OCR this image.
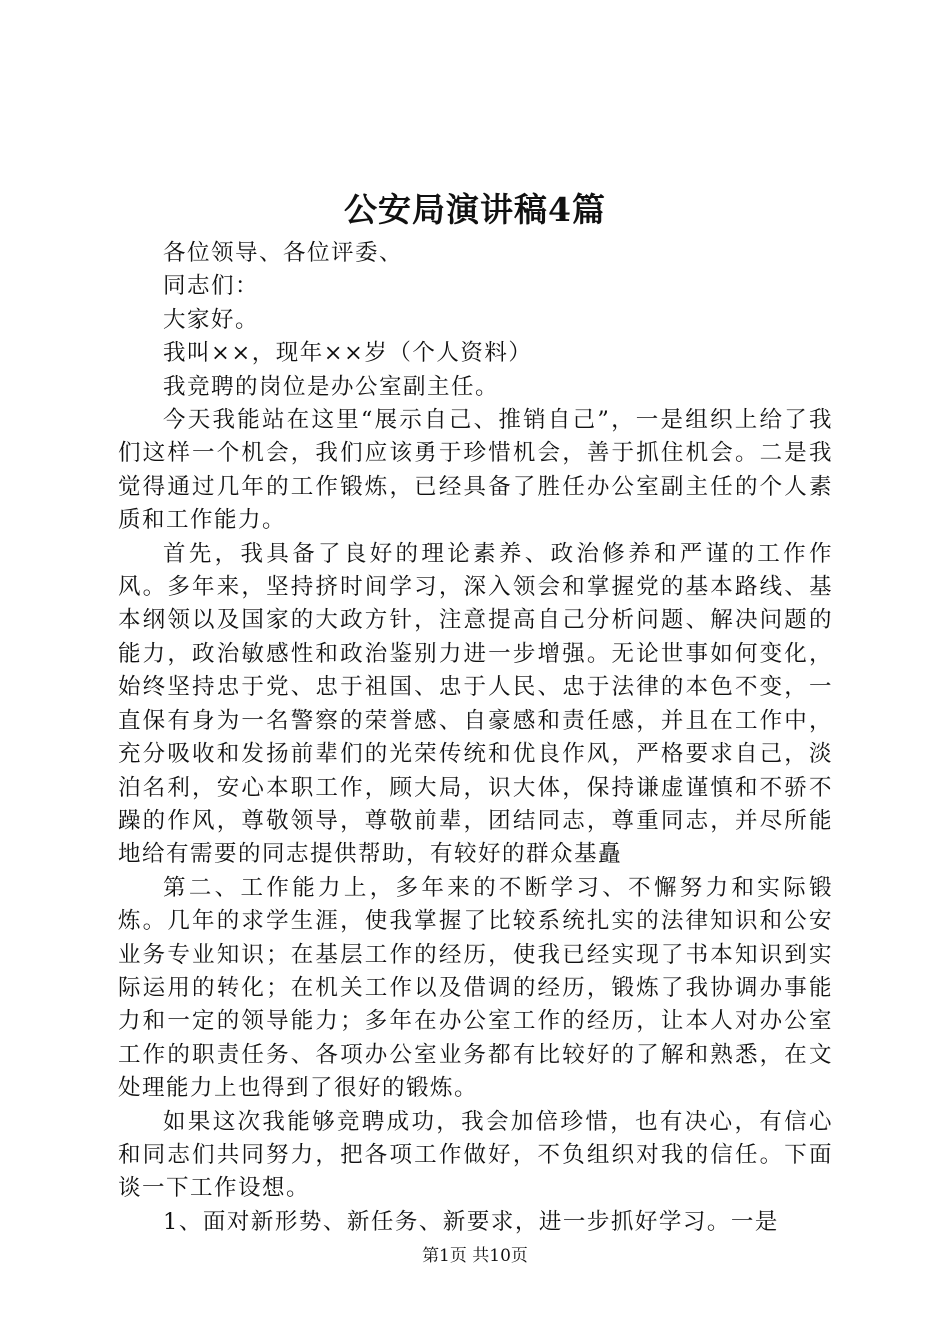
公安局演讲稿4篇

各位领导、各位评委、

同志们：

大家好。

我叫××，现年××岁（个人资料）

我竞聘的岗位是办公室副主任。

今天我能站在这里“展示自己、推销自己”，一是组织上给了我们这样一个机会，我们应该勇于珍惜机会，善于抓住机会。二是我觉得通过几年的工作锻炼，已经具备了胜任办公室副主任的个人素质和工作能力。

首先，我具备了良好的理论素养、政治修养和严谨的工作作风。多年来，坚持挤时间学习，深入领会和掌握党的基本路线、基本纲领以及国家的大政方针，注意提高自己分析问题、解决问题的能力，政治敏感性和政治鉴别力进一步增强。无论世事如何变化，始终坚持忠于党、忠于祖国、忠于人民、忠于法律的本色不变，一直保有身为一名警察的荣誉感、自豪感和责任感，并且在工作中，充分吸收和发扬前辈们的光荣传统和优良作风，严格要求自己，淡泊名利，安心本职工作，顾大局，识大体，保持谦虚谨慎和不骄不躁的作风，尊敬领导，尊敬前辈，团结同志，尊重同志，并尽所能地给有需要的同志提供帮助，有较好的群众基矗

第二、工作能力上，多年来的不断学习、不懈努力和实际锻炼。几年的求学生涯，使我掌握了比较系统扎实的法律知识和公安业务专业知识；在基层工作的经历，使我已经实现了书本知识到实际运用的转化；在机关工作以及借调的经历，锻炼了我协调办事能力和一定的领导能力；多年在办公室工作的经历，让本人对办公室工作的职责任务、各项办公室业务都有比较好的了解和熟悉，在文处理能力上也得到了很好的锻炼。

如果这次我能够竞聘成功，我会加倍珍惜，也有决心，有信心和同志们共同努力，把各项工作做好，不负组织对我的信任。下面谈一下工作设想。

1、面对新形势、新任务、新要求，进一步抓好学习。一是

第1页 共10页
